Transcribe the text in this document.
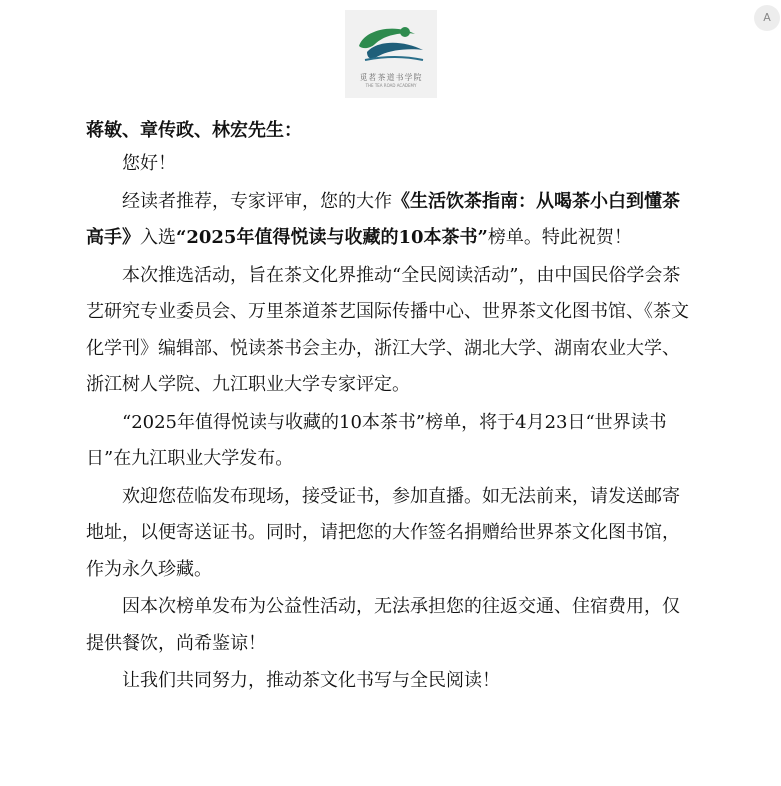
觅茗茶道书学院
THE TEA ROAD ACADEMY
A
蒋敏、章传政、林宏先生：

您好！

经读者推荐，专家评审，您的大作《生活饮茶指南：从喝茶小白到懂茶高手》入选“2025年值得悦读与收藏的10本茶书”榜单。特此祝贺！

本次推选活动，旨在茶文化界推动“全民阅读活动”，由中国民俗学会茶艺研究专业委员会、万里茶道茶艺国际传播中心、世界茶文化图书馆、《茶文化学刊》编辑部、悦读茶书会主办，浙江大学、湖北大学、湖南农业大学、浙江树人学院、九江职业大学专家评定。

“2025年值得悦读与收藏的10本茶书”榜单，将于4月23日“世界读书日”在九江职业大学发布。

欢迎您莅临发布现场，接受证书，参加直播。如无法前来，请发送邮寄地址，以便寄送证书。同时，请把您的大作签名捐赠给世界茶文化图书馆，作为永久珍藏。

因本次榜单发布为公益性活动，无法承担您的往返交通、住宿费用，仅提供餐饮，尚希鉴谅！

让我们共同努力，推动茶文化书写与全民阅读！
